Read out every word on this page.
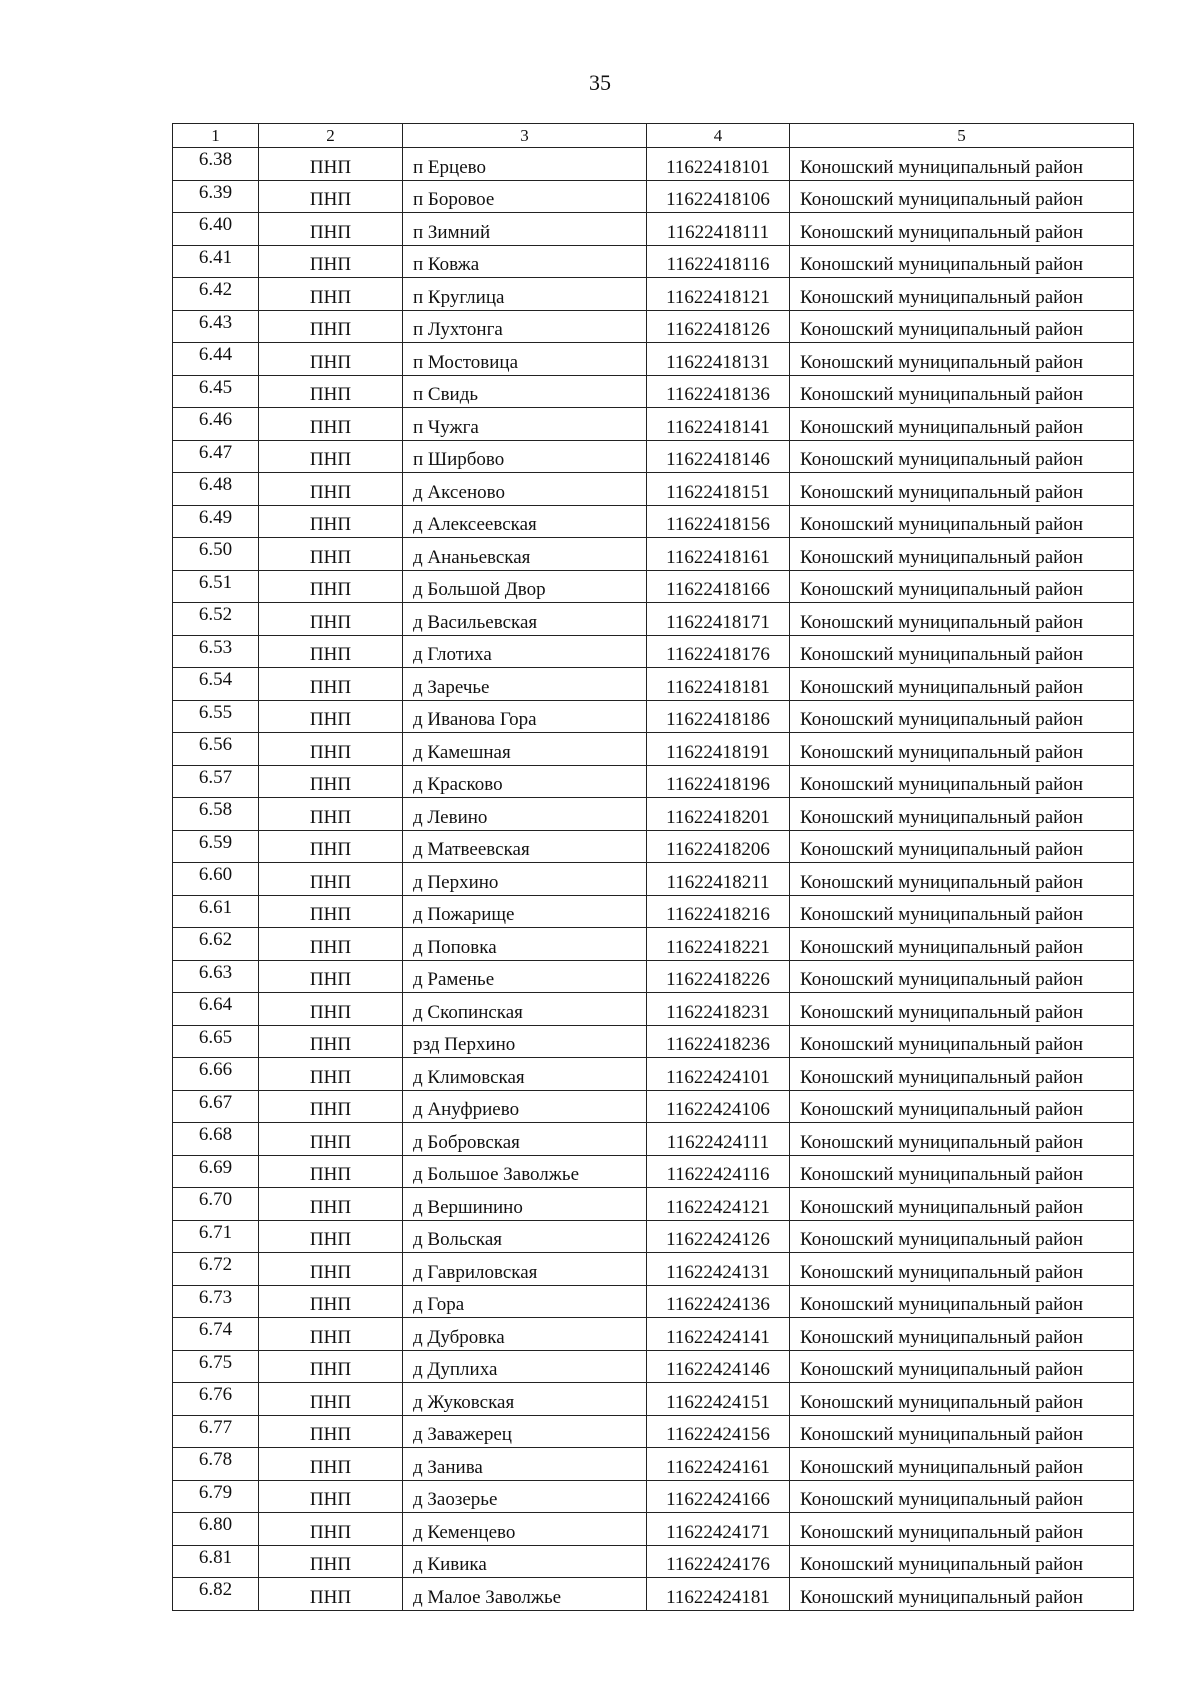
35
1	2	3	4	5
6.38	ПНП	п Ерцево	11622418101	Коношский муниципальный район
6.39	ПНП	п Боровое	11622418106	Коношский муниципальный район
6.40	ПНП	п Зимний	11622418111	Коношский муниципальный район
6.41	ПНП	п Ковжа	11622418116	Коношский муниципальный район
6.42	ПНП	п Круглица	11622418121	Коношский муниципальный район
6.43	ПНП	п Лухтонга	11622418126	Коношский муниципальный район
6.44	ПНП	п Мостовица	11622418131	Коношский муниципальный район
6.45	ПНП	п Свидь	11622418136	Коношский муниципальный район
6.46	ПНП	п Чужга	11622418141	Коношский муниципальный район
6.47	ПНП	п Ширбово	11622418146	Коношский муниципальный район
6.48	ПНП	д Аксеново	11622418151	Коношский муниципальный район
6.49	ПНП	д Алексеевская	11622418156	Коношский муниципальный район
6.50	ПНП	д Ананьевская	11622418161	Коношский муниципальный район
6.51	ПНП	д Большой Двор	11622418166	Коношский муниципальный район
6.52	ПНП	д Васильевская	11622418171	Коношский муниципальный район
6.53	ПНП	д Глотиха	11622418176	Коношский муниципальный район
6.54	ПНП	д Заречье	11622418181	Коношский муниципальный район
6.55	ПНП	д Иванова Гора	11622418186	Коношский муниципальный район
6.56	ПНП	д Камешная	11622418191	Коношский муниципальный район
6.57	ПНП	д Красково	11622418196	Коношский муниципальный район
6.58	ПНП	д Левино	11622418201	Коношский муниципальный район
6.59	ПНП	д Матвеевская	11622418206	Коношский муниципальный район
6.60	ПНП	д Перхино	11622418211	Коношский муниципальный район
6.61	ПНП	д Пожарище	11622418216	Коношский муниципальный район
6.62	ПНП	д Поповка	11622418221	Коношский муниципальный район
6.63	ПНП	д Раменье	11622418226	Коношский муниципальный район
6.64	ПНП	д Скопинская	11622418231	Коношский муниципальный район
6.65	ПНП	рзд Перхино	11622418236	Коношский муниципальный район
6.66	ПНП	д Климовская	11622424101	Коношский муниципальный район
6.67	ПНП	д Ануфриево	11622424106	Коношский муниципальный район
6.68	ПНП	д Бобровская	11622424111	Коношский муниципальный район
6.69	ПНП	д Большое Заволжье	11622424116	Коношский муниципальный район
6.70	ПНП	д Вершинино	11622424121	Коношский муниципальный район
6.71	ПНП	д Вольская	11622424126	Коношский муниципальный район
6.72	ПНП	д Гавриловская	11622424131	Коношский муниципальный район
6.73	ПНП	д Гора	11622424136	Коношский муниципальный район
6.74	ПНП	д Дубровка	11622424141	Коношский муниципальный район
6.75	ПНП	д Дуплиха	11622424146	Коношский муниципальный район
6.76	ПНП	д Жуковская	11622424151	Коношский муниципальный район
6.77	ПНП	д Заважерец	11622424156	Коношский муниципальный район
6.78	ПНП	д Занива	11622424161	Коношский муниципальный район
6.79	ПНП	д Заозерье	11622424166	Коношский муниципальный район
6.80	ПНП	д Кеменцево	11622424171	Коношский муниципальный район
6.81	ПНП	д Кивика	11622424176	Коношский муниципальный район
6.82	ПНП	д Малое Заволжье	11622424181	Коношский муниципальный район
